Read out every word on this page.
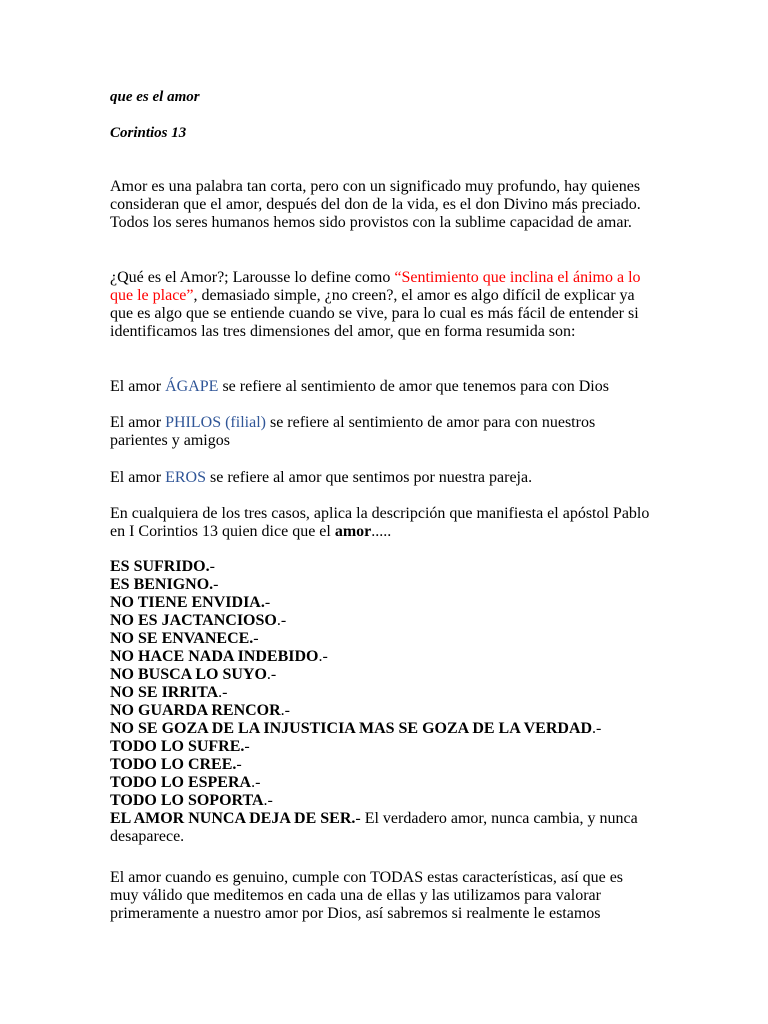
que es el amor
Corintios 13
Amor es una palabra tan corta, pero con un significado muy profundo, hay quienes consideran que el amor, después del don de la vida, es el don Divino más preciado. Todos los seres humanos hemos sido provistos con la sublime capacidad de amar.
¿Qué es el Amor?; Larousse lo define como “Sentimiento que inclina el ánimo a lo que le place”, demasiado simple, ¿no creen?, el amor es algo difícil de explicar ya que es algo que se entiende cuando se vive, para lo cual es más fácil de entender si identificamos las tres dimensiones del amor, que en forma resumida son:
El amor ÁGAPE se refiere al sentimiento de amor que tenemos para con Dios
El amor PHILOS (filial) se refiere al sentimiento de amor para con nuestros parientes y amigos
El amor EROS se refiere al amor que sentimos por nuestra pareja.
En cualquiera de los tres casos, aplica la descripción que manifiesta el apóstol Pablo en I Corintios 13 quien dice que el amor.....
ES SUFRIDO.-
ES BENIGNO.-
NO TIENE ENVIDIA.-
NO ES JACTANCIOSO.-
NO SE ENVANECE.-
NO HACE NADA INDEBIDO.-
NO BUSCA LO SUYO.-
NO SE IRRITA.-
NO GUARDA RENCOR.-
NO SE GOZA DE LA INJUSTICIA MAS SE GOZA DE LA VERDAD.-
TODO LO SUFRE.-
TODO LO CREE.-
TODO LO ESPERA.-
TODO LO SOPORTA.-
EL AMOR NUNCA DEJA DE SER.- El verdadero amor, nunca cambia, y nunca desaparece.
El amor cuando es genuino, cumple con TODAS estas características, así que es muy válido que meditemos en cada una de ellas y las utilizamos para valorar primeramente a nuestro amor por Dios, así sabremos si realmente le estamos
